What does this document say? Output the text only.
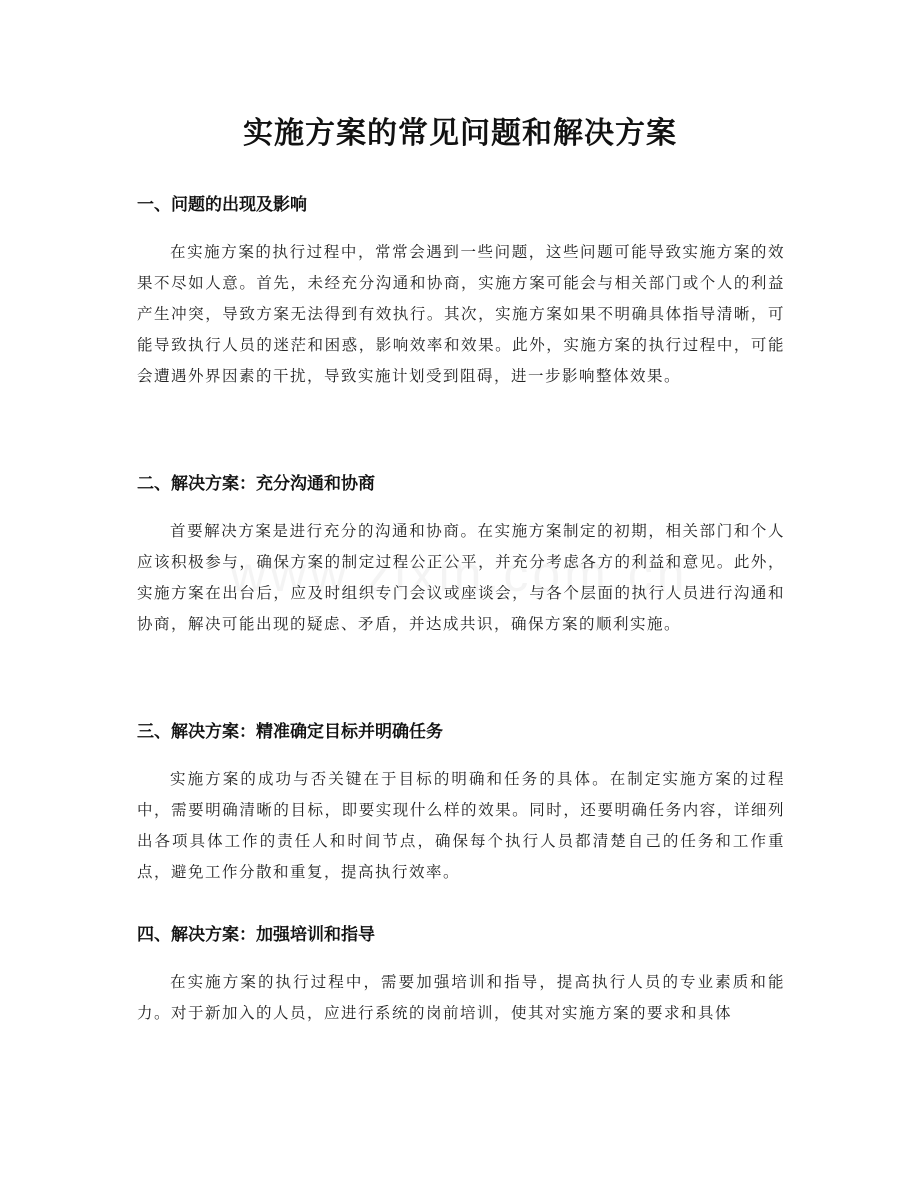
实施方案的常见问题和解决方案
一、问题的出现及影响

在实施方案的执行过程中，常常会遇到一些问题，这些问题可能导致实施方案的效果不尽如人意。首先，未经充分沟通和协商，实施方案可能会与相关部门或个人的利益产生冲突，导致方案无法得到有效执行。其次，实施方案如果不明确具体指导清晰，可能导致执行人员的迷茫和困惑，影响效率和效果。此外，实施方案的执行过程中，可能会遭遇外界因素的干扰，导致实施计划受到阻碍，进一步影响整体效果。

二、解决方案：充分沟通和协商

首要解决方案是进行充分的沟通和协商。在实施方案制定的初期，相关部门和个人应该积极参与，确保方案的制定过程公正公平，并充分考虑各方的利益和意见。此外，实施方案在出台后，应及时组织专门会议或座谈会，与各个层面的执行人员进行沟通和协商，解决可能出现的疑虑、矛盾，并达成共识，确保方案的顺利实施。

三、解决方案：精准确定目标并明确任务

实施方案的成功与否关键在于目标的明确和任务的具体。在制定实施方案的过程中，需要明确清晰的目标，即要实现什么样的效果。同时，还要明确任务内容，详细列出各项具体工作的责任人和时间节点，确保每个执行人员都清楚自己的任务和工作重点，避免工作分散和重复，提高执行效率。

四、解决方案：加强培训和指导

在实施方案的执行过程中，需要加强培训和指导，提高执行人员的专业素质和能力。对于新加入的人员，应进行系统的岗前培训，使其对实施方案的要求和具体
